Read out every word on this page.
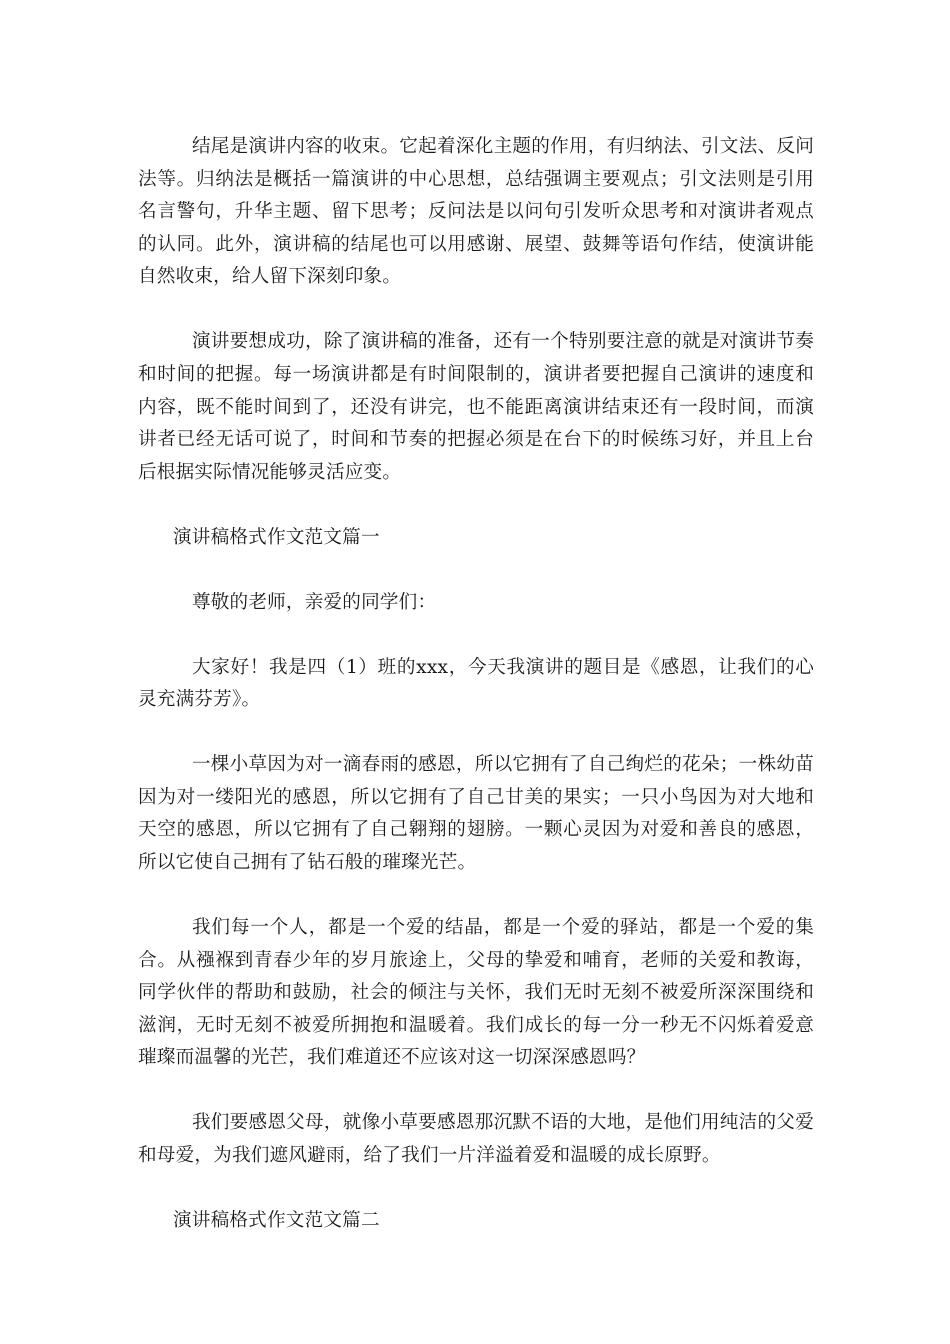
结尾是演讲内容的收束。它起着深化主题的作用，有归纳法、引文法、反问法等。归纳法是概括一篇演讲的中心思想，总结强调主要观点；引文法则是引用名言警句，升华主题、留下思考；反问法是以问句引发听众思考和对演讲者观点的认同。此外，演讲稿的结尾也可以用感谢、展望、鼓舞等语句作结，使演讲能自然收束，给人留下深刻印象。

演讲要想成功，除了演讲稿的准备，还有一个特别要注意的就是对演讲节奏和时间的把握。每一场演讲都是有时间限制的，演讲者要把握自己演讲的速度和内容，既不能时间到了，还没有讲完，也不能距离演讲结束还有一段时间，而演讲者已经无话可说了，时间和节奏的把握必须是在台下的时候练习好，并且上台后根据实际情况能够灵活应变。

演讲稿格式作文范文篇一

尊敬的老师，亲爱的同学们：

大家好！我是四（1）班的xxx，今天我演讲的题目是《感恩，让我们的心灵充满芬芳》。

一棵小草因为对一滴春雨的感恩，所以它拥有了自己绚烂的花朵；一株幼苗因为对一缕阳光的感恩，所以它拥有了自己甘美的果实；一只小鸟因为对大地和天空的感恩，所以它拥有了自己翱翔的翅膀。一颗心灵因为对爱和善良的感恩，所以它使自己拥有了钻石般的璀璨光芒。

我们每一个人，都是一个爱的结晶，都是一个爱的驿站，都是一个爱的集合。从襁褓到青春少年的岁月旅途上，父母的挚爱和哺育，老师的关爱和教诲，同学伙伴的帮助和鼓励，社会的倾注与关怀，我们无时无刻不被爱所深深围绕和滋润，无时无刻不被爱所拥抱和温暖着。我们成长的每一分一秒无不闪烁着爱意璀璨而温馨的光芒，我们难道还不应该对这一切深深感恩吗？

我们要感恩父母，就像小草要感恩那沉默不语的大地，是他们用纯洁的父爱和母爱，为我们遮风避雨，给了我们一片洋溢着爱和温暖的成长原野。

演讲稿格式作文范文篇二
